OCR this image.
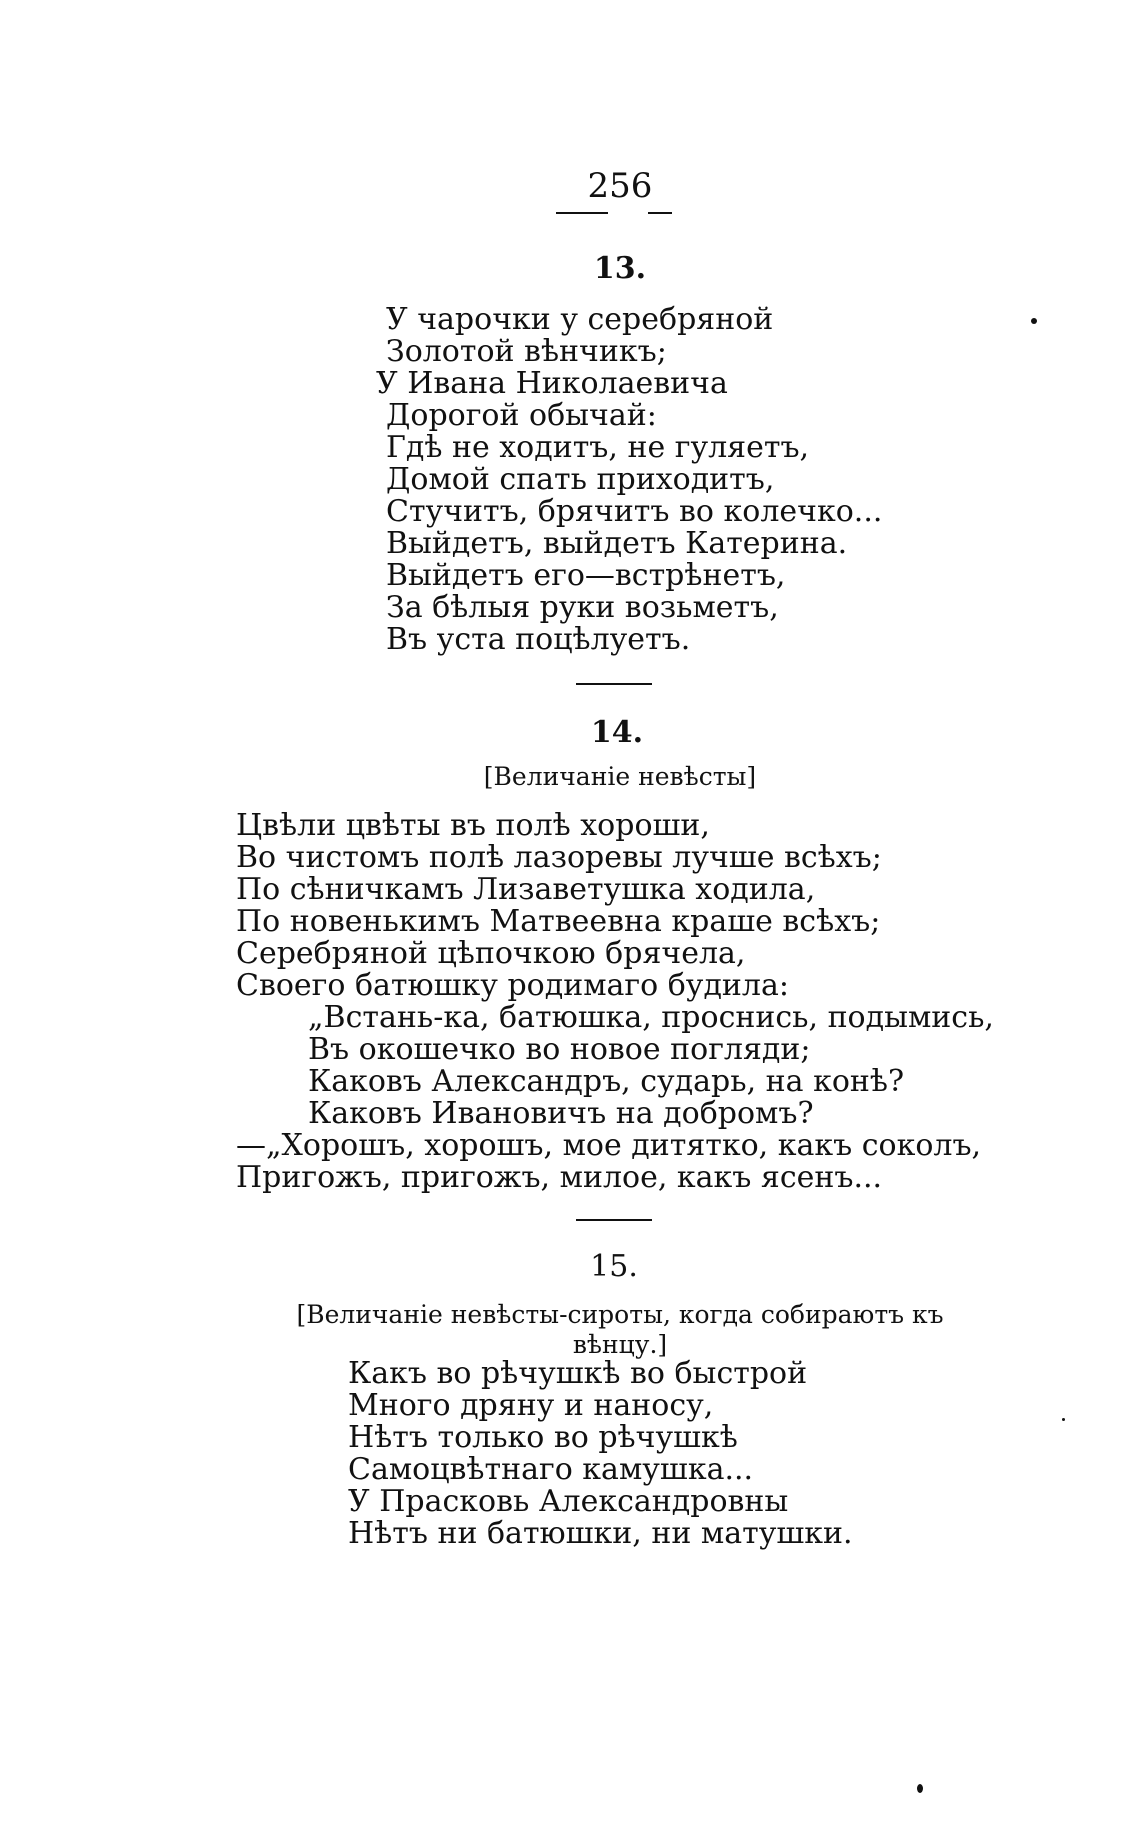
256
13.
У чарочки у серебряной
Золотой вѣнчикъ;
У Ивана Николаевича
Дорогой обычай:
Гдѣ не ходитъ, не гуляетъ,
Домой спать приходитъ,
Стучитъ, брячитъ во колечко...
Выйдетъ, выйдетъ Катерина.
Выйдетъ его—встрѣнетъ,
За бѣлыя руки возьметъ,
Въ уста поцѣлуетъ.
14.
[Величаніе невѣсты]
Цвѣли цвѣты въ полѣ хороши,
Во чистомъ полѣ лазоревы лучше всѣхъ;
По сѣничкамъ Лизаветушка ходила,
По новенькимъ Матвеевна краше всѣхъ;
Серебряной цѣпочкою брячела,
Своего батюшку родимаго будила:
„Встань-ка, батюшка, проснись, подымись,
Въ окошечко во новое погляди;
Каковъ Александръ, сударь, на конѣ?
Каковъ Ивановичъ на добромъ?
—„Хорошъ, хорошъ, мое дитятко, какъ соколъ,
Пригожъ, пригожъ, милое, какъ ясенъ...
15.
[Величаніе невѣсты-сироты, когда собираютъ къ вѣнцу.]
Какъ во рѣчушкѣ во быстрой
Много дряну и наносу,
Нѣтъ только во рѣчушкѣ
Самоцвѣтнаго камушка...
У Прасковь Александровны
Нѣтъ ни батюшки, ни матушки.
